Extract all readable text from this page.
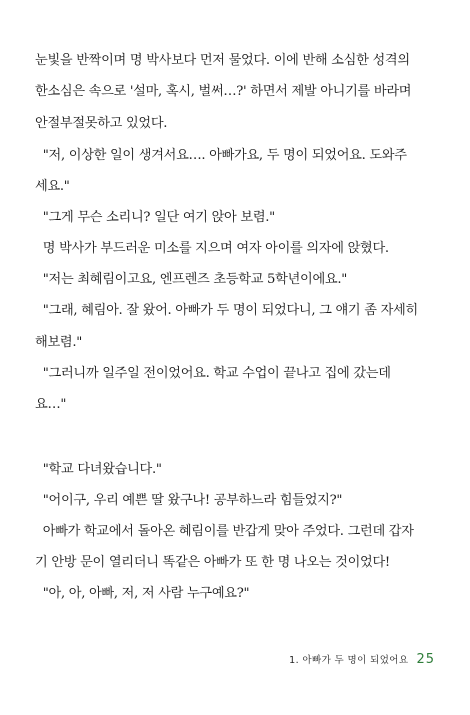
눈빛을 반짝이며 명 박사보다 먼저 물었다. 이에 반해 소심한 성격의
한소심은 속으로 '설마, 혹시, 벌써…?' 하면서 제발 아니기를 바라며
안절부절못하고 있었다.
"저, 이상한 일이 생겨서요…. 아빠가요, 두 명이 되었어요. 도와주
세요."
"그게 무슨 소리니? 일단 여기 앉아 보렴."
명 박사가 부드러운 미소를 지으며 여자 아이를 의자에 앉혔다.
"저는 최혜림이고요, 엔프렌즈 초등학교 5학년이에요."
"그래, 혜림아. 잘 왔어. 아빠가 두 명이 되었다니, 그 얘기 좀 자세히
해보렴."
"그러니까 일주일 전이었어요. 학교 수업이 끝나고 집에 갔는데
요…"
"학교 다녀왔습니다."
"어이구, 우리 예쁜 딸 왔구나! 공부하느라 힘들었지?"
아빠가 학교에서 돌아온 혜림이를 반갑게 맞아 주었다. 그런데 갑자
기 안방 문이 열리더니 똑같은 아빠가 또 한 명 나오는 것이었다!
"아, 아, 아빠, 저, 저 사람 누구예요?"
1. 아빠가 두 명이 되었어요 25
